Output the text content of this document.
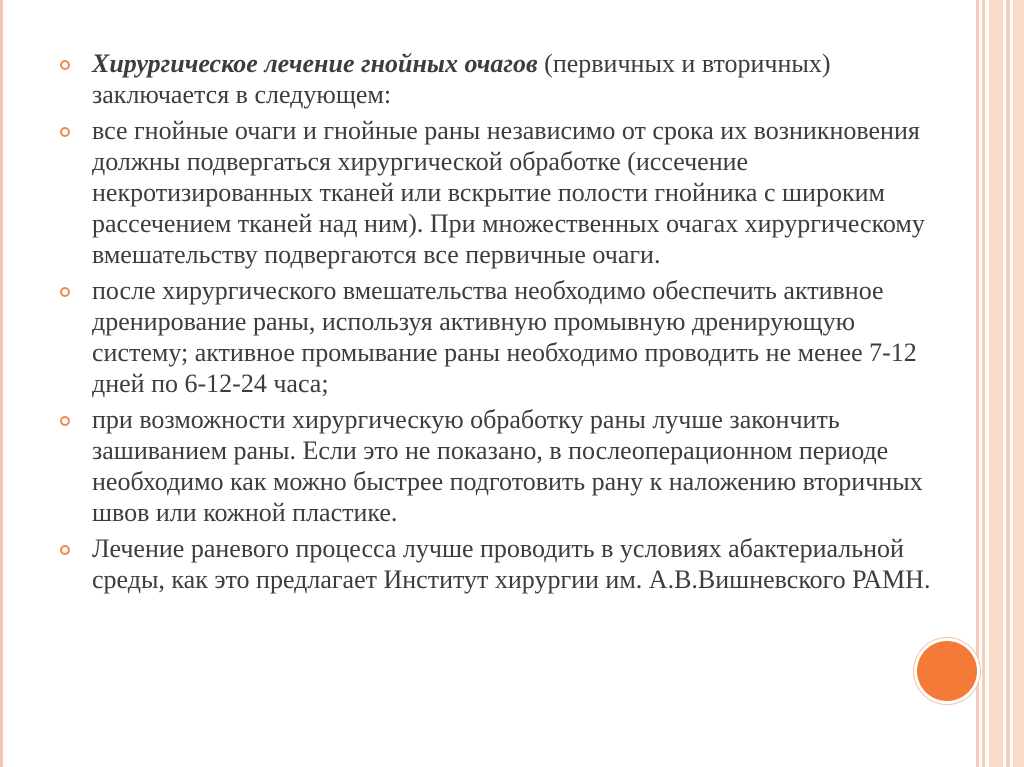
Хирургическое лечение гнойных очагов (первичных и вторичных) заключается в следующем:
все гнойные очаги и гнойные раны независимо от срока их возникновения должны подвергаться хирургической обработке (иссечение некротизированных тканей или вскрытие полости гнойника с широким рассечением тканей над ним). При множественных очагах хирургическому вмешательству подвергаются все первичные очаги.
после хирургического вмешательства необходимо обеспечить активное дренирование раны, используя активную промывную дренирующую систему; активное промывание раны необходимо проводить не менее 7-12 дней по 6-12-24 часа;
при возможности хирургическую обработку раны лучше закончить зашиванием раны. Если это не показано, в послеоперационном периоде необходимо как можно быстрее подготовить рану к наложению вторичных швов или кожной пластике.
Лечение раневого процесса лучше проводить в условиях абактериальной среды, как это предлагает Институт хирургии им. А.В.Вишневского РАМН.
